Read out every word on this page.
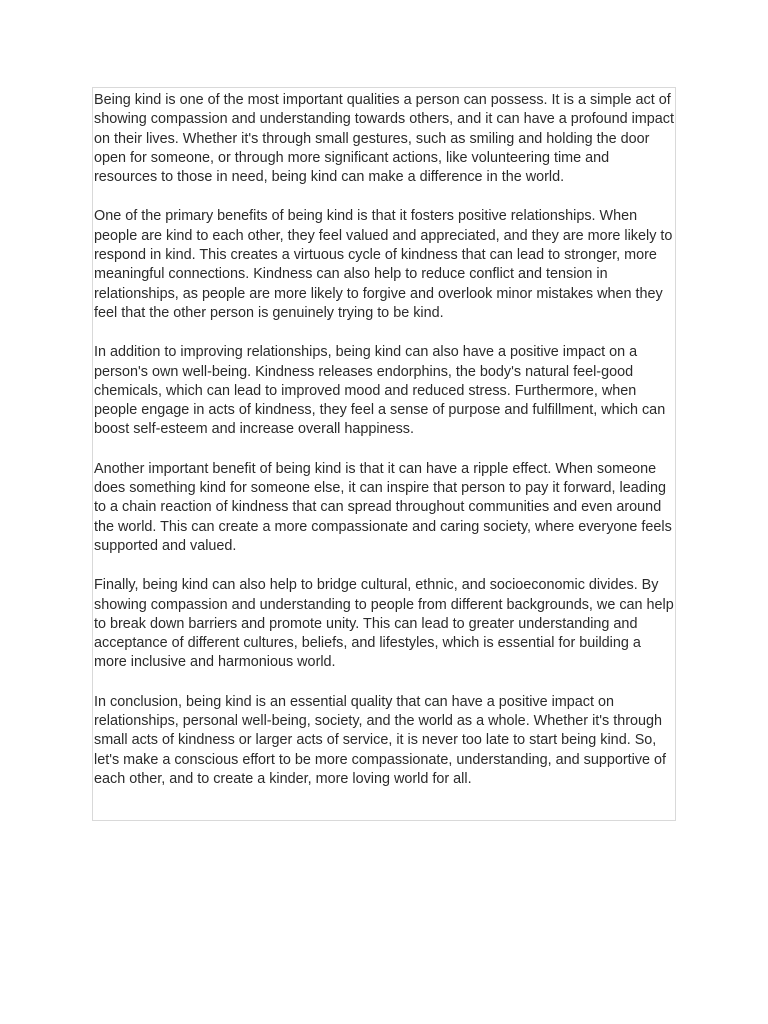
Being kind is one of the most important qualities a person can possess. It is a simple act of showing compassion and understanding towards others, and it can have a profound impact on their lives. Whether it's through small gestures, such as smiling and holding the door open for someone, or through more significant actions, like volunteering time and resources to those in need, being kind can make a difference in the world.

One of the primary benefits of being kind is that it fosters positive relationships. When people are kind to each other, they feel valued and appreciated, and they are more likely to respond in kind. This creates a virtuous cycle of kindness that can lead to stronger, more meaningful connections. Kindness can also help to reduce conflict and tension in relationships, as people are more likely to forgive and overlook minor mistakes when they feel that the other person is genuinely trying to be kind.

In addition to improving relationships, being kind can also have a positive impact on a person's own well-being. Kindness releases endorphins, the body's natural feel-good chemicals, which can lead to improved mood and reduced stress. Furthermore, when people engage in acts of kindness, they feel a sense of purpose and fulfillment, which can boost self-esteem and increase overall happiness.

Another important benefit of being kind is that it can have a ripple effect. When someone does something kind for someone else, it can inspire that person to pay it forward, leading to a chain reaction of kindness that can spread throughout communities and even around the world. This can create a more compassionate and caring society, where everyone feels supported and valued.

Finally, being kind can also help to bridge cultural, ethnic, and socioeconomic divides. By showing compassion and understanding to people from different backgrounds, we can help to break down barriers and promote unity. This can lead to greater understanding and acceptance of different cultures, beliefs, and lifestyles, which is essential for building a more inclusive and harmonious world.

In conclusion, being kind is an essential quality that can have a positive impact on relationships, personal well-being, society, and the world as a whole. Whether it's through small acts of kindness or larger acts of service, it is never too late to start being kind. So, let's make a conscious effort to be more compassionate, understanding, and supportive of each other, and to create a kinder, more loving world for all.
